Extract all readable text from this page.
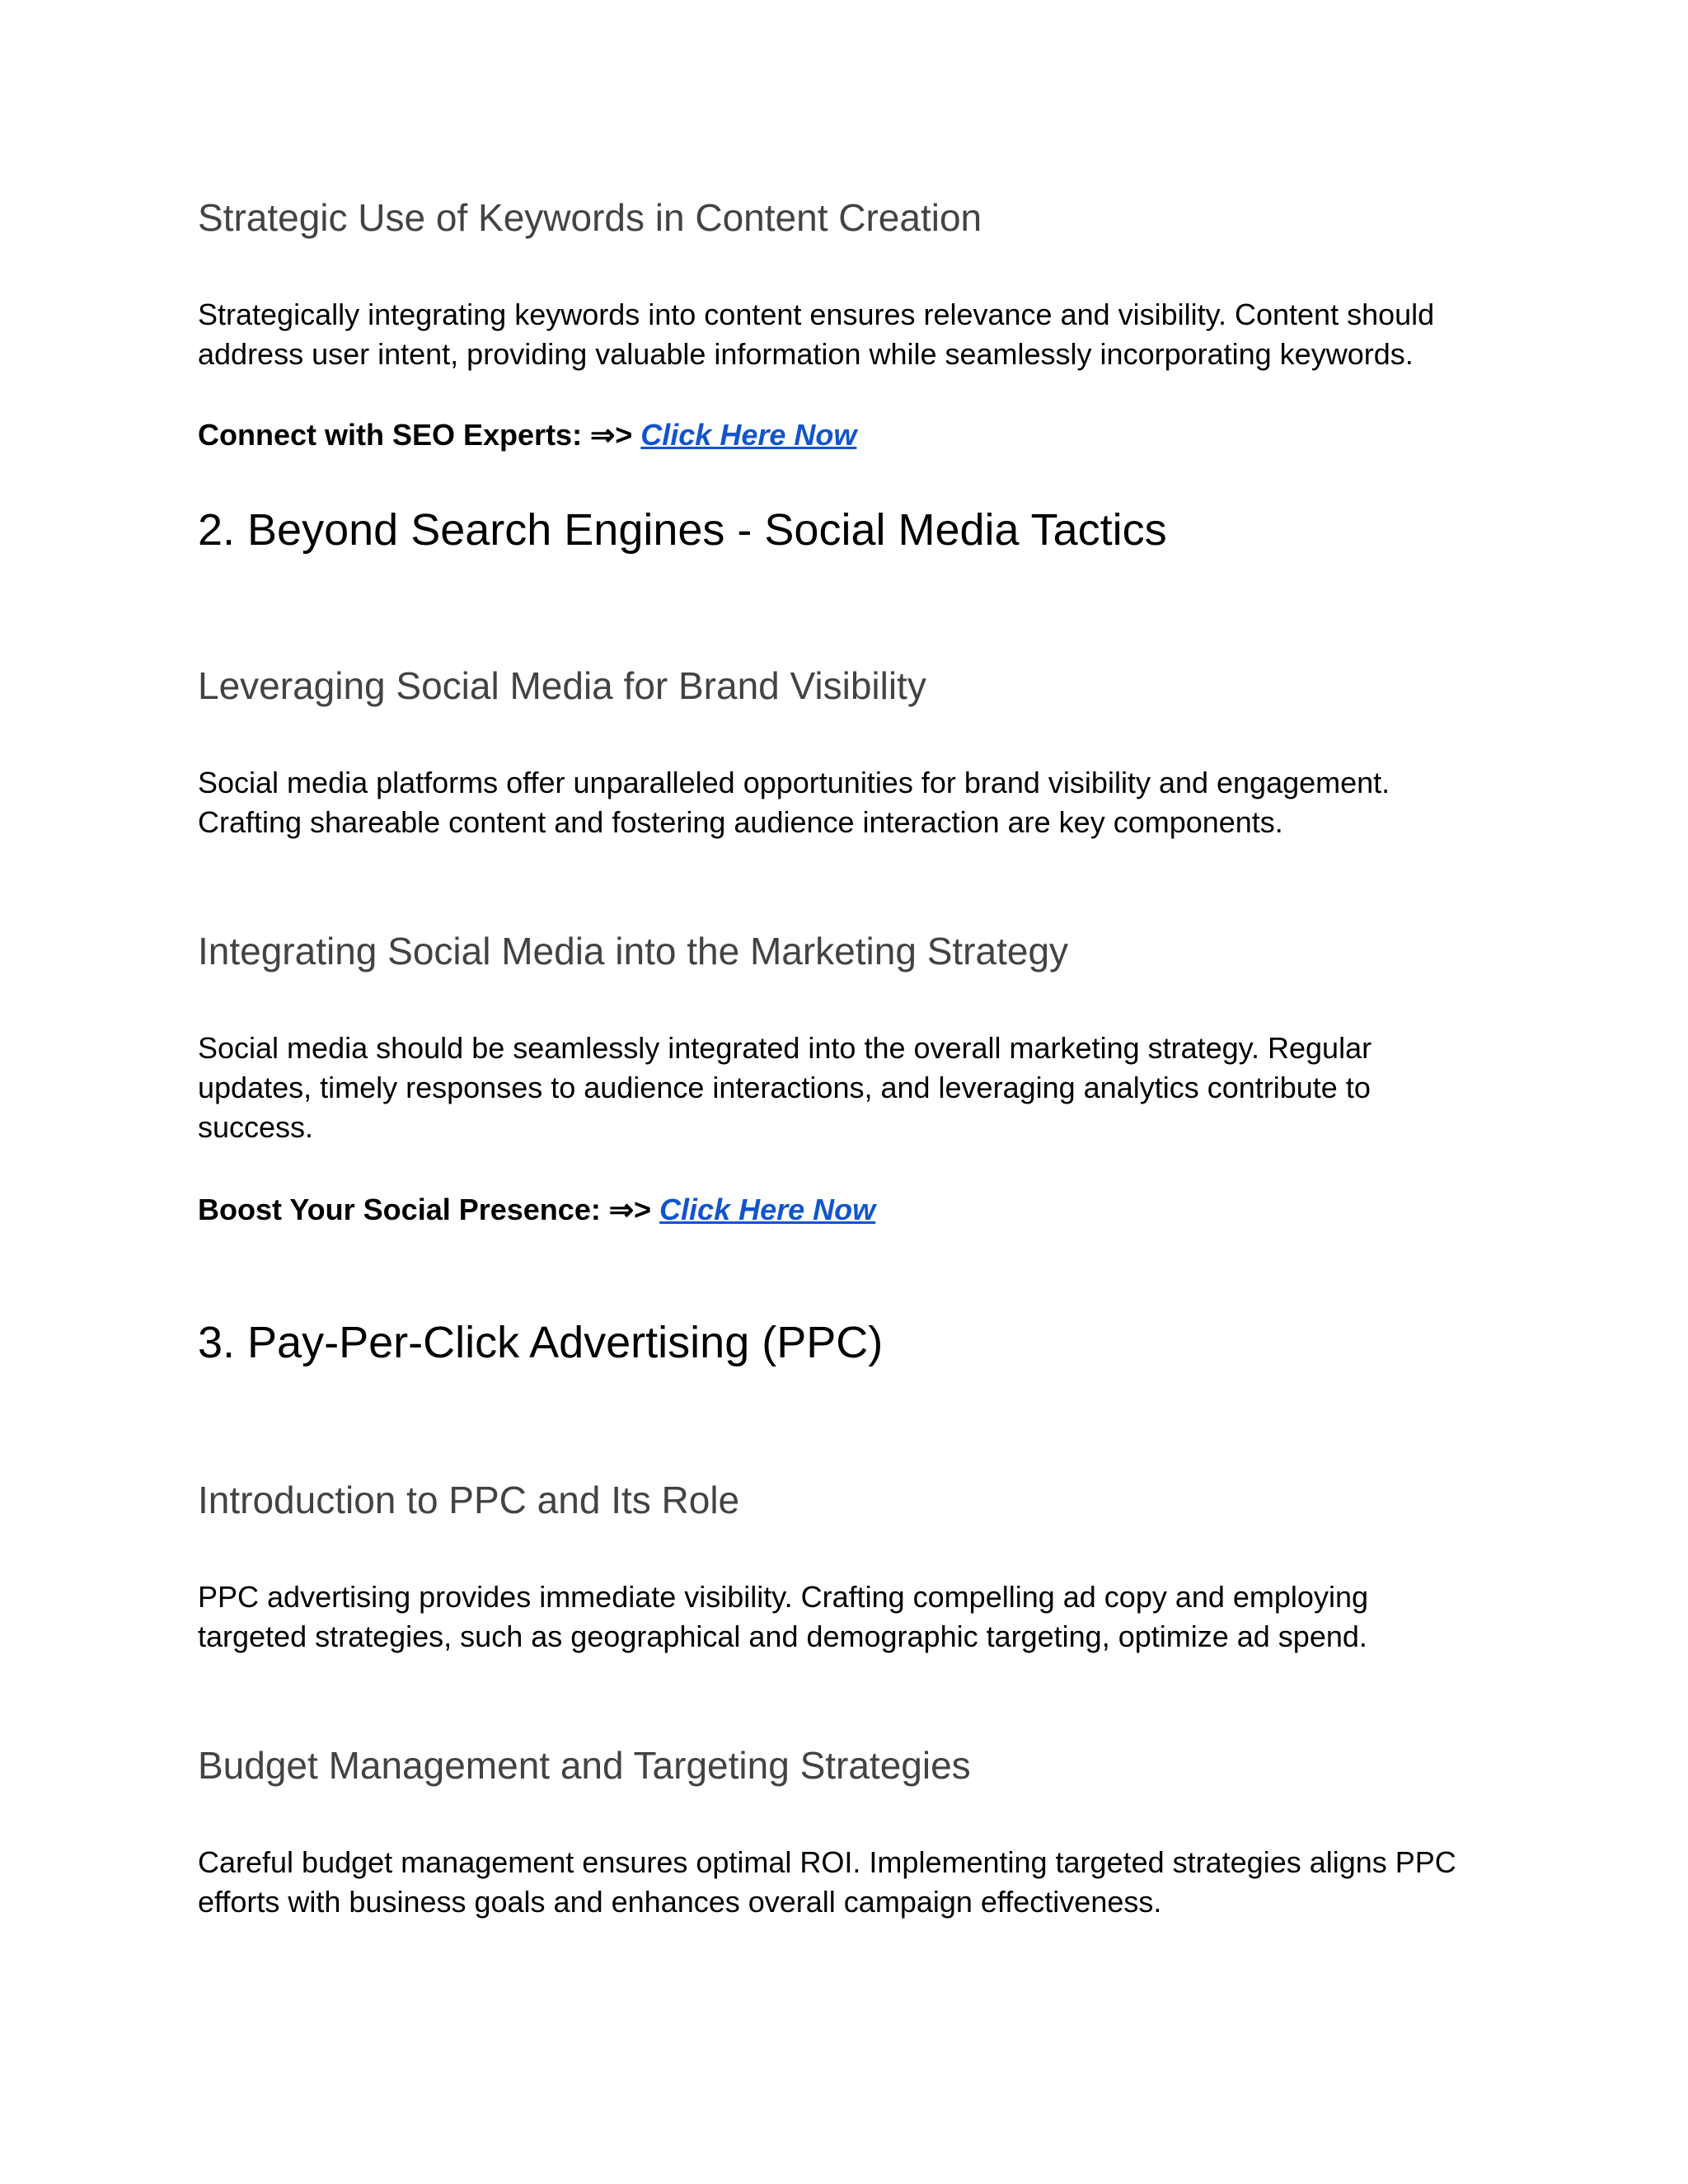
Strategic Use of Keywords in Content Creation
Strategically integrating keywords into content ensures relevance and visibility. Content should
address user intent, providing valuable information while seamlessly incorporating keywords.
Connect with SEO Experts: ⇒> Click Here Now
2. Beyond Search Engines - Social Media Tactics
Leveraging Social Media for Brand Visibility
Social media platforms offer unparalleled opportunities for brand visibility and engagement.
Crafting shareable content and fostering audience interaction are key components.
Integrating Social Media into the Marketing Strategy
Social media should be seamlessly integrated into the overall marketing strategy. Regular
updates, timely responses to audience interactions, and leveraging analytics contribute to
success.
Boost Your Social Presence: ⇒> Click Here Now
3. Pay-Per-Click Advertising (PPC)
Introduction to PPC and Its Role
PPC advertising provides immediate visibility. Crafting compelling ad copy and employing
targeted strategies, such as geographical and demographic targeting, optimize ad spend.
Budget Management and Targeting Strategies
Careful budget management ensures optimal ROI. Implementing targeted strategies aligns PPC
efforts with business goals and enhances overall campaign effectiveness.
